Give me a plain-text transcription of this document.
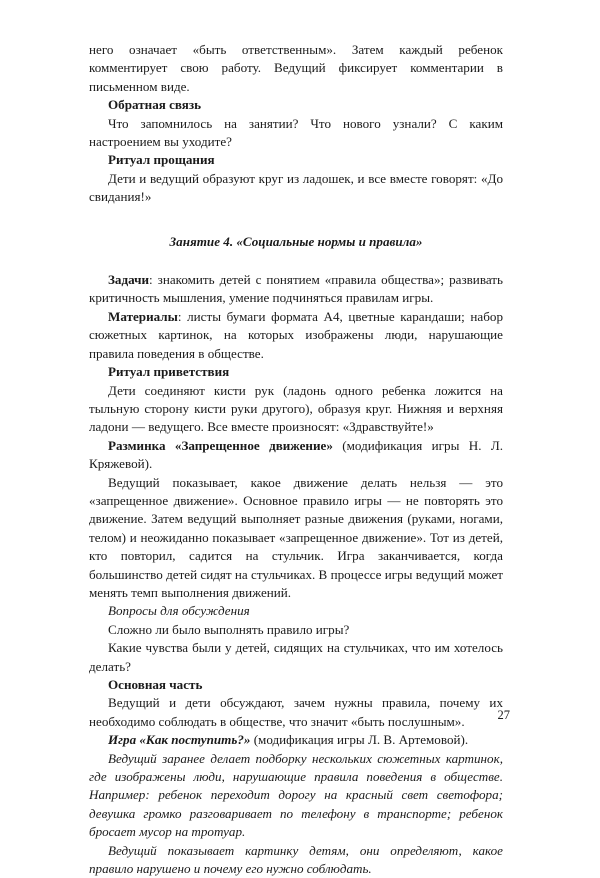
него означает «быть ответственным». Затем каждый ребенок комментирует свою работу. Ведущий фиксирует комментарии в письменном виде.

Обратная связь

Что запомнилось на занятии? Что нового узнали? С каким настроением вы уходите?

Ритуал прощания

Дети и ведущий образуют круг из ладошек, и все вместе говорят: «До свидания!»

Занятие 4. «Социальные нормы и правила»

Задачи: знакомить детей с понятием «правила общества»; развивать критичность мышления, умение подчиняться правилам игры.

Материалы: листы бумаги формата А4, цветные карандаши; набор сюжетных картинок, на которых изображены люди, нарушающие правила поведения в обществе.

Ритуал приветствия

Дети соединяют кисти рук (ладонь одного ребенка ложится на тыльную сторону кисти руки другого), образуя круг. Нижняя и верхняя ладони — ведущего. Все вместе произносят: «Здравствуйте!»

Разминка «Запрещенное движение» (модификация игры Н. Л. Кряжевой).

Ведущий показывает, какое движение делать нельзя — это «запрещенное движение». Основное правило игры — не повторять это движение. Затем ведущий выполняет разные движения (руками, ногами, телом) и неожиданно показывает «запрещенное движение». Тот из детей, кто повторил, садится на стульчик. Игра заканчивается, когда большинство детей сидят на стульчиках. В процессе игры ведущий может менять темп выполнения движений.

Вопросы для обсуждения

Сложно ли было выполнять правило игры?

Какие чувства были у детей, сидящих на стульчиках, что им хотелось делать?

Основная часть

Ведущий и дети обсуждают, зачем нужны правила, почему их необходимо соблюдать в обществе, что значит «быть послушным».

Игра «Как поступить?» (модификация игры Л. В. Артемовой).

Ведущий заранее делает подборку нескольких сюжетных картинок, где изображены люди, нарушающие правила поведения в обществе. Например: ребенок переходит дорогу на красный свет светофора; девушка громко разговаривает по телефону в транспорте; ребенок бросает мусор на тротуар.

Ведущий показывает картинку детям, они определяют, какое правило нарушено и почему его нужно соблюдать.

27
